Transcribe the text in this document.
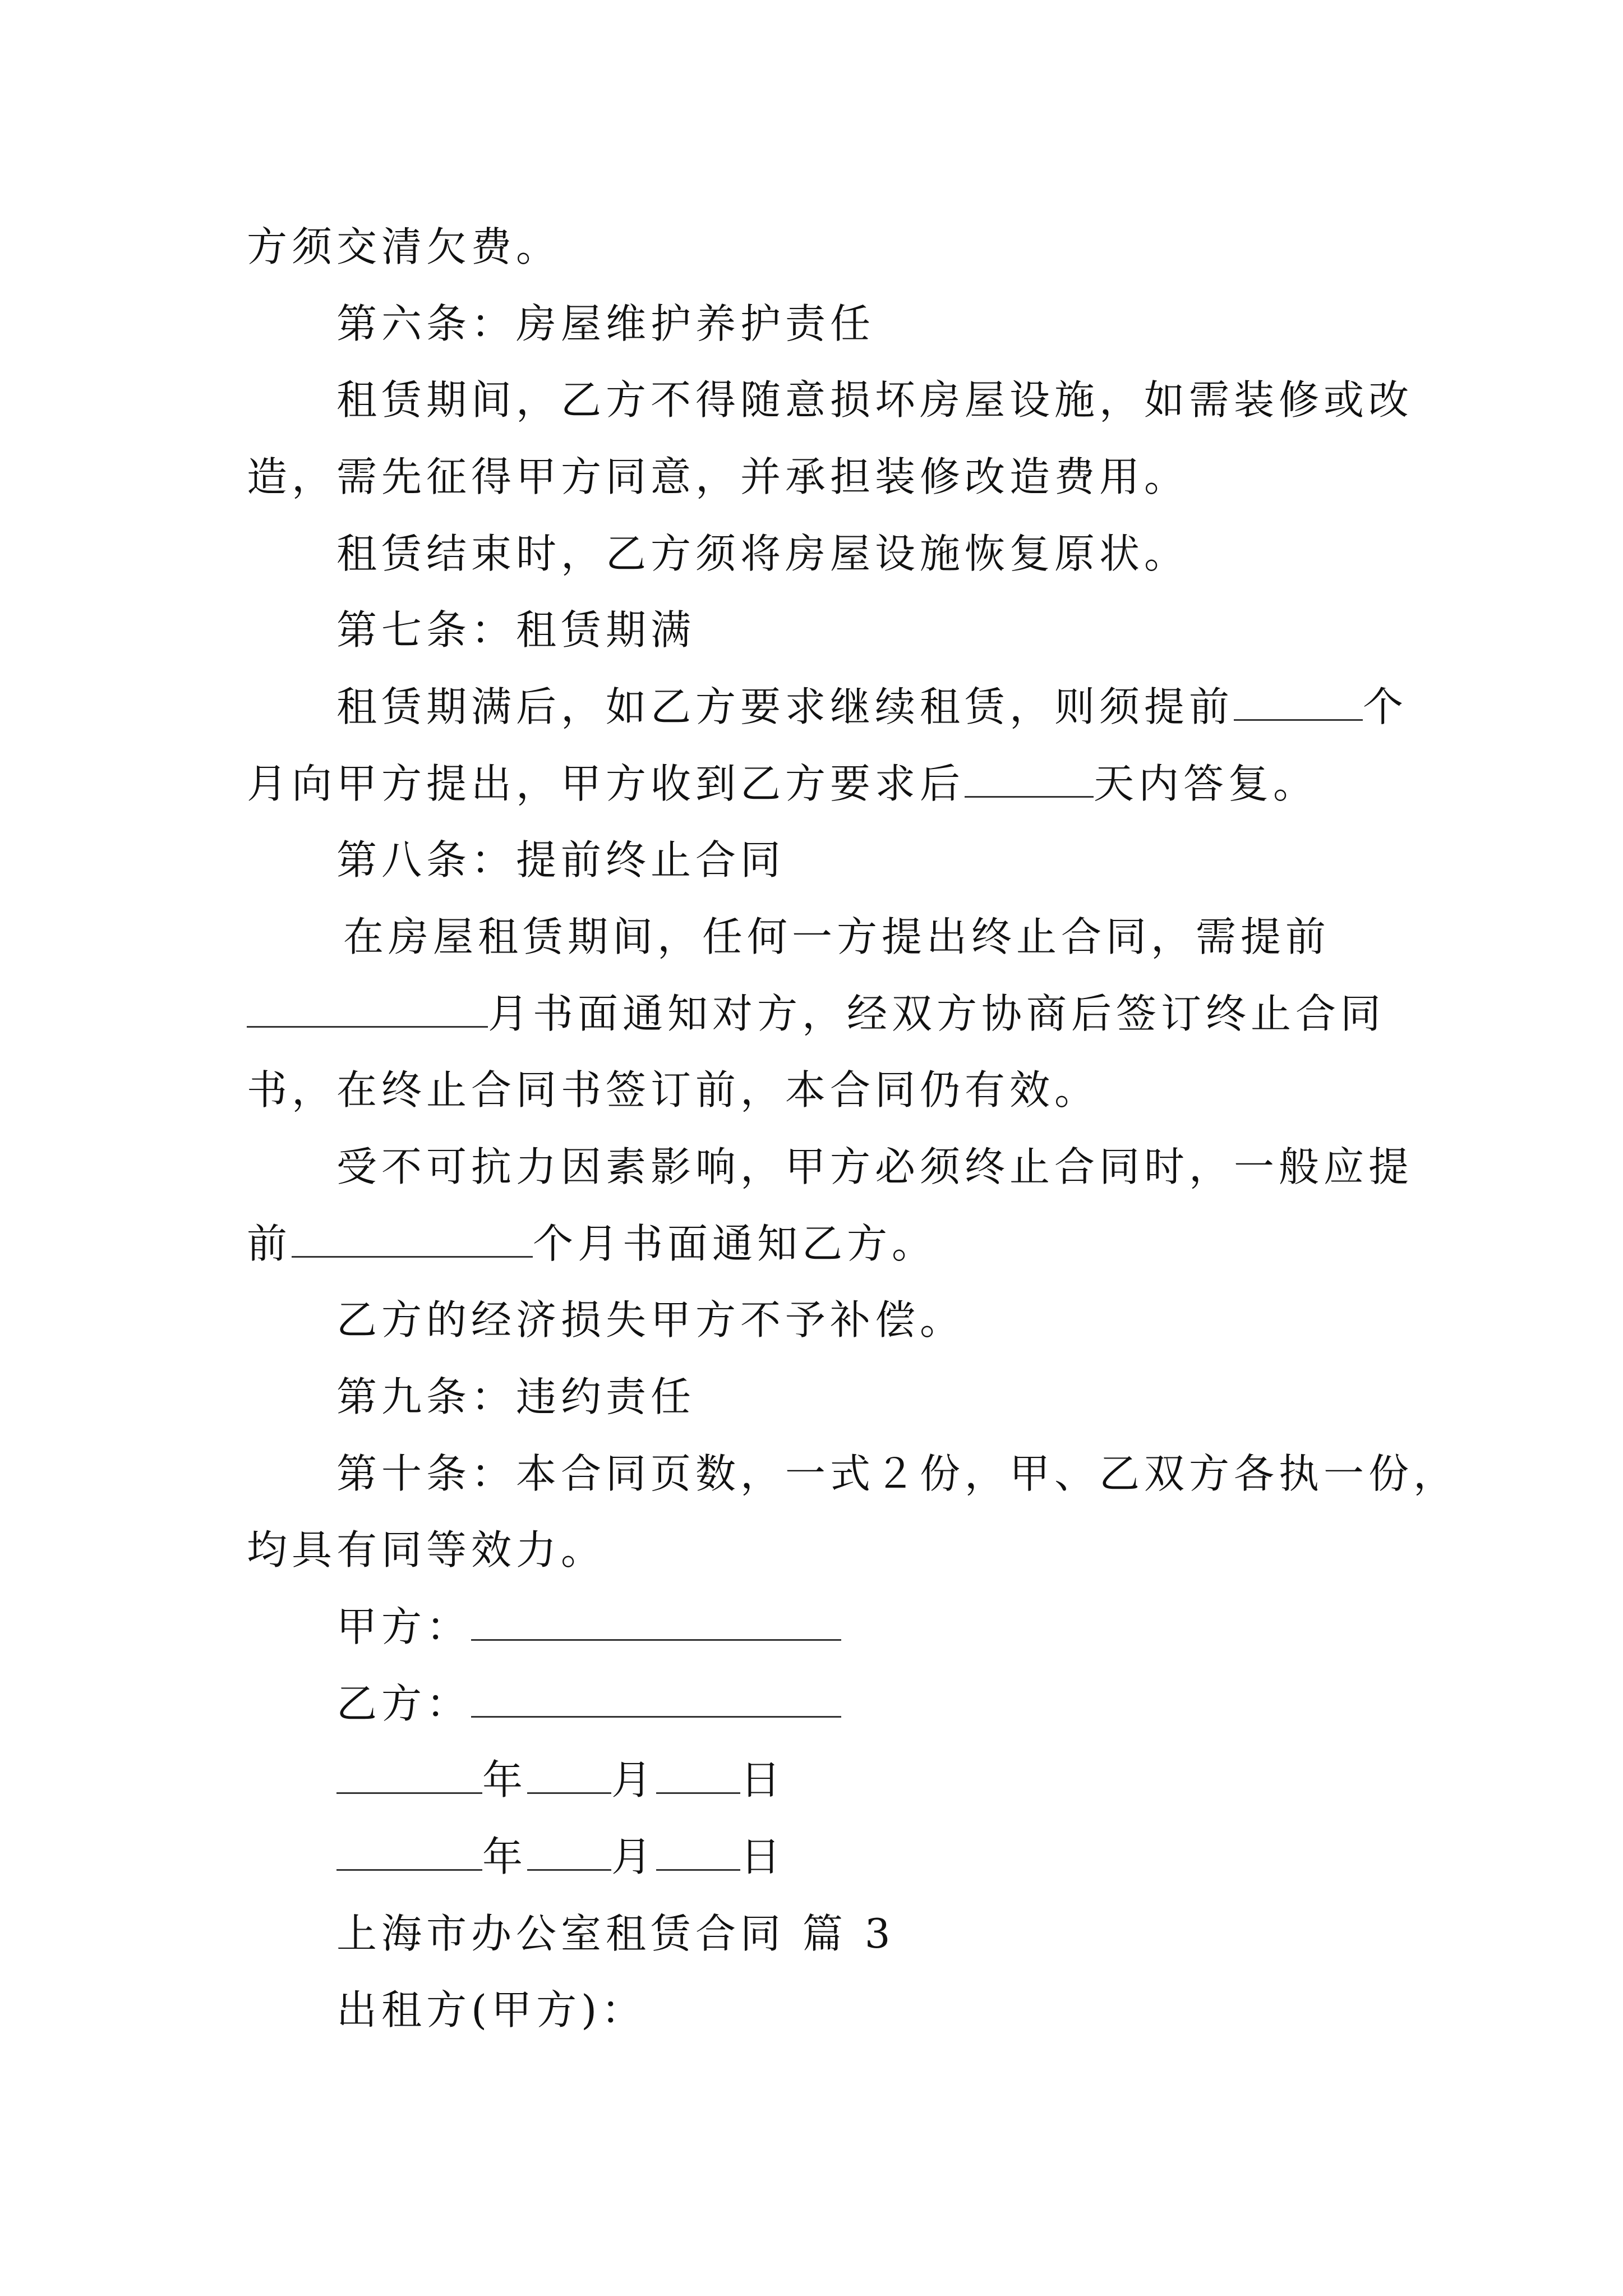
方须交清欠费。
第六条：房屋维护养护责任
租赁期间，乙方不得随意损坏房屋设施，如需装修或改
造，需先征得甲方同意，并承担装修改造费用。
租赁结束时，乙方须将房屋设施恢复原状。
第七条：租赁期满
租赁期满后，如乙方要求继续租赁，则须提前	个
月向甲方提出，甲方收到乙方要求后	天内答复。
第八条：提前终止合同
在房屋租赁期间，任何一方提出终止合同，需提前
月书面通知对方，经双方协商后签订终止合同
书，在终止合同书签订前，本合同仍有效。
受不可抗力因素影响，甲方必须终止合同时，一般应提
前	个月书面通知乙方。
乙方的经济损失甲方不予补偿。
第九条：违约责任
第十条：本合同页数，一式２份，甲、乙双方各执一份，
均具有同等效力。
甲方：
乙方：
年 月 日
年 月 日
上海市办公室租赁合同 篇 3
出租方(甲方)：
